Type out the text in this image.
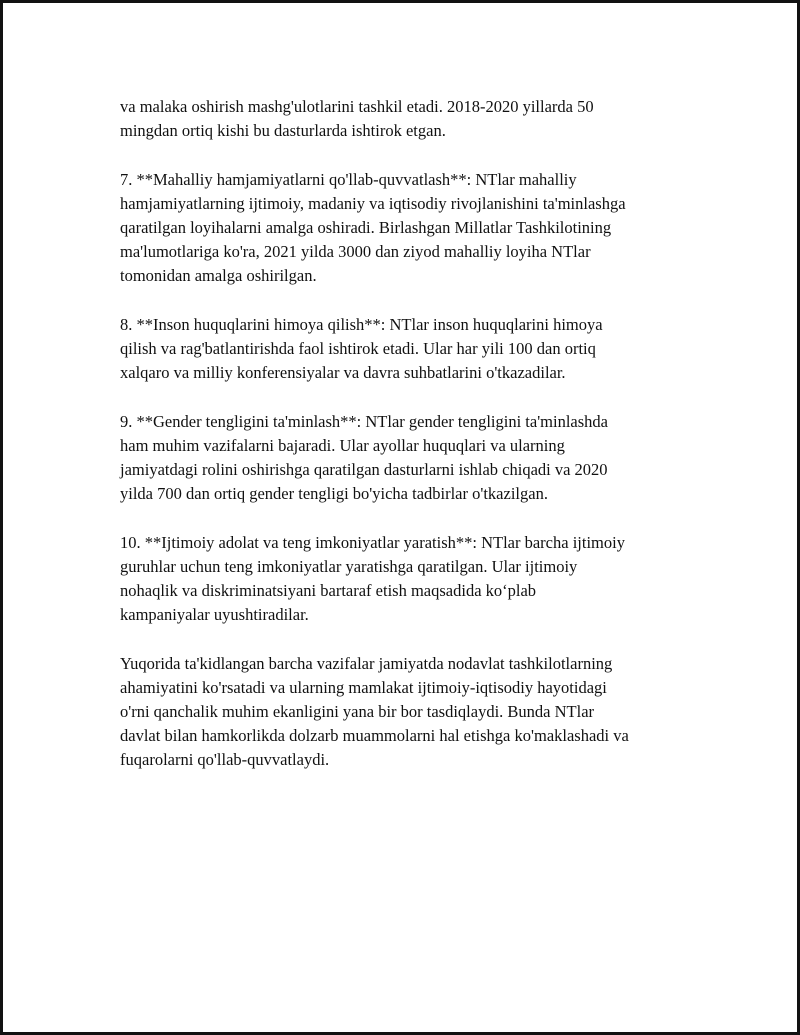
va malaka oshirish mashg'ulotlarini tashkil etadi. 2018-2020 yillarda 50
mingdan ortiq kishi bu dasturlarda ishtirok etgan.

7. **Mahalliy hamjamiyatlarni qo'llab-quvvatlash**: NTlar mahalliy
hamjamiyatlarning ijtimoiy, madaniy va iqtisodiy rivojlanishini ta'minlashga
qaratilgan loyihalarni amalga oshiradi. Birlashgan Millatlar Tashkilotining
ma'lumotlariga ko'ra, 2021 yilda 3000 dan ziyod mahalliy loyiha NTlar
tomonidan amalga oshirilgan.

8. **Inson huquqlarini himoya qilish**: NTlar inson huquqlarini himoya
qilish va rag'batlantirishda faol ishtirok etadi. Ular har yili 100 dan ortiq
xalqaro va milliy konferensiyalar va davra suhbatlarini o'tkazadilar.

9. **Gender tengligini ta'minlash**: NTlar gender tengligini ta'minlashda
ham muhim vazifalarni bajaradi. Ular ayollar huquqlari va ularning
jamiyatdagi rolini oshirishga qaratilgan dasturlarni ishlab chiqadi va 2020
yilda 700 dan ortiq gender tengligi bo'yicha tadbirlar o'tkazilgan.

10. **Ijtimoiy adolat va teng imkoniyatlar yaratish**: NTlar barcha ijtimoiy
guruhlar uchun teng imkoniyatlar yaratishga qaratilgan. Ular ijtimoiy
nohaqlik va diskriminatsiyani bartaraf etish maqsadida ko‘plab
kampaniyalar uyushtiradilar.

Yuqorida ta'kidlangan barcha vazifalar jamiyatda nodavlat tashkilotlarning
ahamiyatini ko'rsatadi va ularning mamlakat ijtimoiy-iqtisodiy hayotidagi
o'rni qanchalik muhim ekanligini yana bir bor tasdiqlaydi. Bunda NTlar
davlat bilan hamkorlikda dolzarb muammolarni hal etishga ko'maklashadi va
fuqarolarni qo'llab-quvvatlaydi.
